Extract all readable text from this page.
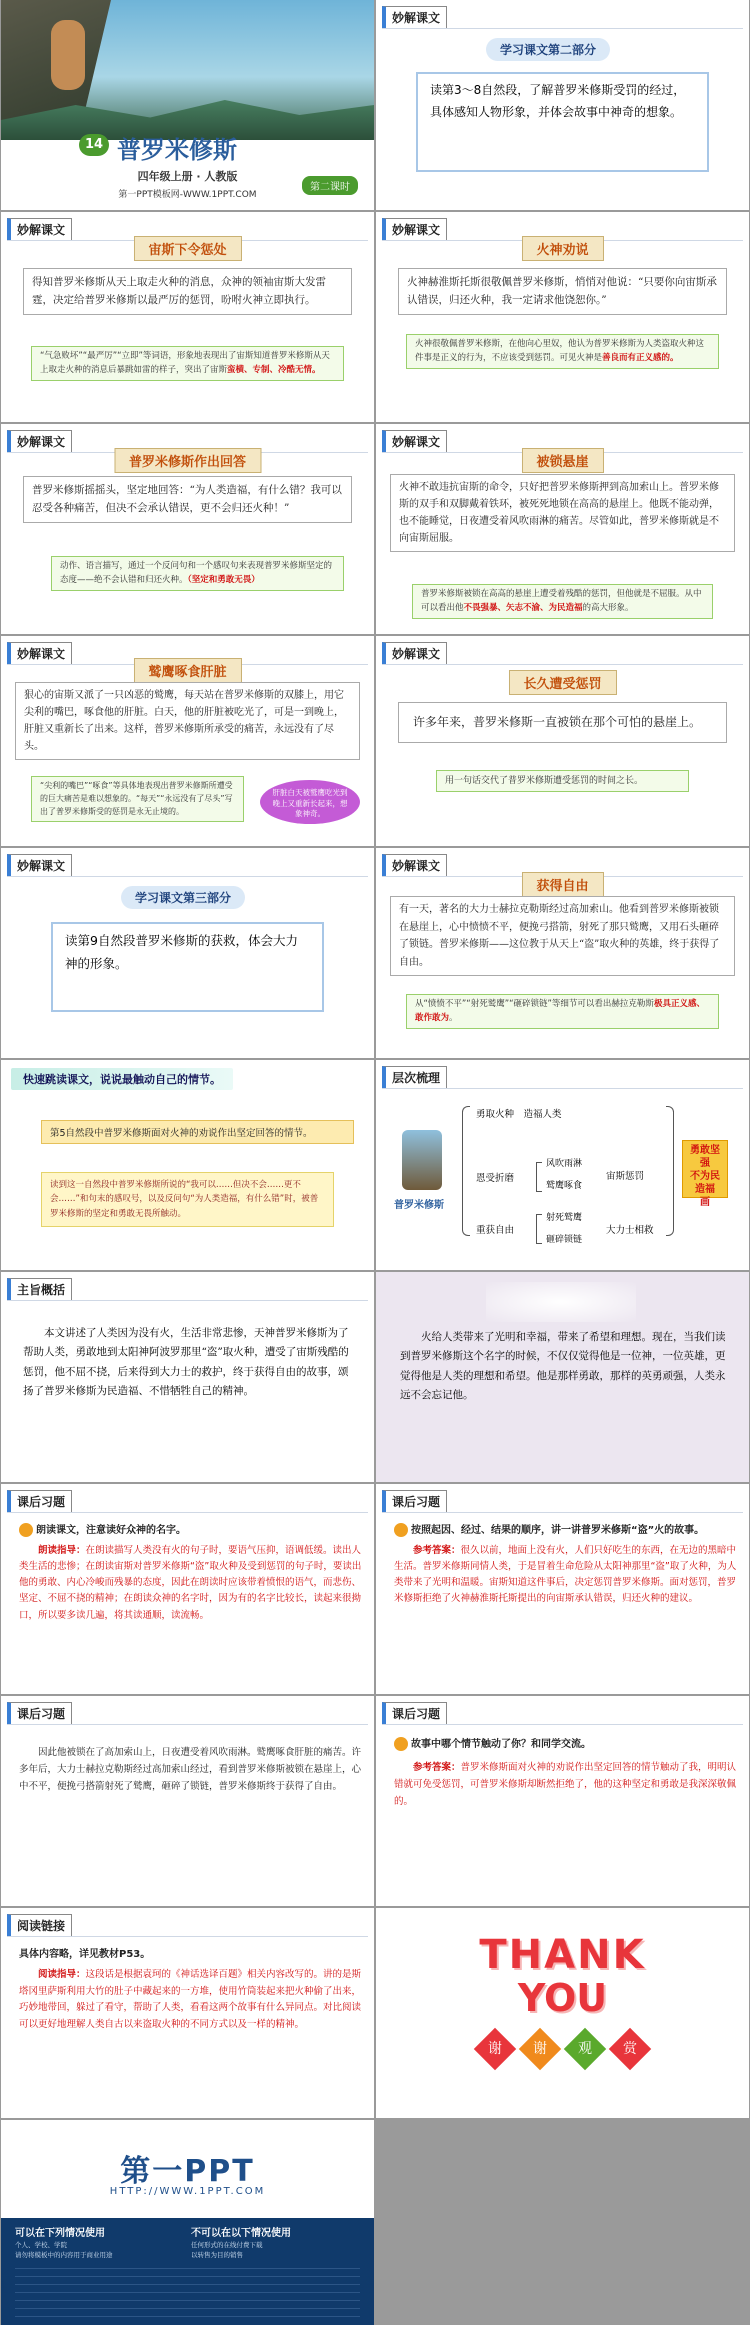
14 普罗米修斯
四年级上册 · 人教版
第一PPT模板网-WWW.1PPT.COM
第二课时
妙解课文
学习课文第二部分
读第3～8自然段，了解普罗米修斯受罚的经过，具体感知人物形象，并体会故事中神奇的想象。
妙解课文
宙斯下令惩处
得知普罗米修斯从天上取走火种的消息，众神的领袖宙斯大发雷霆，决定给普罗米修斯以最严厉的惩罚，吩咐火神立即执行。
“气急败坏”“最严厉”“立即”等词语，形象地表现出了宙斯知道普罗米修斯从天上取走火种的消息后暴跳如雷的样子，突出了宙斯蛮横、专制、冷酷无情。
妙解课文
火神劝说
火神赫淮斯托斯很敬佩普罗米修斯，悄悄对他说：“只要你向宙斯承认错误，归还火种，我一定请求他饶恕你。”
火神很敬佩普罗米修斯，在他向心里奴，他认为普罗米修斯为人类盗取火种这件事是正义的行为，不应该受到惩罚。可见火神是善良而有正义感的。
妙解课文
普罗米修斯作出回答
普罗米修斯摇摇头，坚定地回答：“为人类造福，有什么错？我可以忍受各种痛苦，但决不会承认错误，更不会归还火种！”
动作、语言描写，通过一个反问句和一个感叹句来表现普罗米修斯坚定的态度——绝不会认错和归还火种。（坚定和勇敢无畏）
妙解课文
被锁悬崖
火神不敢违抗宙斯的命令，只好把普罗米修斯押到高加索山上。普罗米修斯的双手和双脚戴着铁环，被死死地锁在高高的悬崖上。他既不能动弹，也不能睡觉，日夜遭受着风吹雨淋的痛苦。尽管如此，普罗米修斯就是不向宙斯屈服。
普罗米修斯被锁在高高的悬崖上遭受着残酷的惩罚，但他就是不屈服。从中可以看出他不畏强暴、矢志不渝、为民造福的高大形象。
妙解课文
鹫鹰啄食肝脏
狠心的宙斯又派了一只凶恶的鹫鹰，每天站在普罗米修斯的双膝上，用它尖利的嘴巴，啄食他的肝脏。白天，他的肝脏被吃光了，可是一到晚上，肝脏又重新长了出来。这样，普罗米修斯所承受的痛苦，永远没有了尽头。
“尖利的嘴巴”“啄食”等具体地表现出普罗米修斯所遭受的巨大痛苦是难以想象的。“每天”“永远没有了尽头”写出了普罗米修斯受的惩罚是永无止境的。
肝脏白天被鹫鹰吃光到晚上又重新长起来，想象神奇。
妙解课文
长久遭受惩罚
许多年来，普罗米修斯一直被锁在那个可怕的悬崖上。
用一句话交代了普罗米修斯遭受惩罚的时间之长。
妙解课文
学习课文第三部分
读第9自然段普罗米修斯的获救，体会大力神的形象。
妙解课文
获得自由
有一天，著名的大力士赫拉克勒斯经过高加索山。他看到普罗米修斯被锁在悬崖上，心中愤愤不平，便挽弓搭箭，射死了那只鹫鹰，又用石头砸碎了锁链。普罗米修斯——这位教于从天上“盗”取火种的英雄，终于获得了自由。
从“愤愤不平”“射死鹫鹰”“砸碎锁链”等细节可以看出赫拉克勒斯极具正义感、敢作敢为。
快速跳读课文，说说最触动自己的情节。
第5自然段中普罗米修斯面对火神的劝说作出坚定回答的情节。
读到这一自然段中普罗米修斯所说的“我可以……但决不会……更不会……”和句末的感叹号，以及反问句“为人类造福，有什么错”时，被普罗米修斯的坚定和勇敢无畏所触动。
层次梳理
普罗米修斯
勇取火种　造福人类
恩受折磨
风吹雨淋
鹫鹰啄食
宙斯惩罚
重获自由
射死鹫鹰
砸碎锁链
大力士相救
勇敢坚强
不为民造福
画
主旨概括
本文讲述了人类因为没有火，生活非常悲惨，天神普罗米修斯为了帮助人类，勇敢地到太阳神阿波罗那里“盗”取火种，遭受了宙斯残酷的惩罚，他不屈不挠，后来得到大力士的救护，终于获得自由的故事，颂扬了普罗米修斯为民造福、不惜牺牲自己的精神。
火给人类带来了光明和幸福，带来了希望和理想。现在，当我们读到普罗米修斯这个名字的时候，不仅仅觉得他是一位神，一位英雄，更觉得他是人类的理想和希望。他是那样勇敢，那样的英勇顽强，人类永远不会忘记他。
课后习题
朗读课文，注意读好众神的名字。
朗读指导：在朗读描写人类没有火的句子时，要语气压抑，语调低缓。读出人类生活的悲惨；在朗读宙斯对普罗米修斯“盗”取火种及受到惩罚的句子时，要读出他的勇敢、内心冷峻而残暴的态度，因此在朗读时应该带着愤恨的语气，而悲伤、坚定、不屈不挠的精神；在朗读众神的名字时，因为有的名字比较长，读起来很拗口，所以要多读几遍，将其读通顺，读流畅。
课后习题
按照起因、经过、结果的顺序，讲一讲普罗米修斯“盗”火的故事。
参考答案：很久以前，地面上没有火，人们只好吃生的东西，在无边的黑暗中生活。普罗米修斯同情人类，于是冒着生命危险从太阳神那里“盗”取了火种，为人类带来了光明和温暖。宙斯知道这件事后，决定惩罚普罗米修斯。面对惩罚，普罗米修斯拒绝了火神赫淮斯托斯提出的向宙斯承认错误，归还火种的建议。
课后习题
因此他被锁在了高加索山上，日夜遭受着风吹雨淋。鹫鹰啄食肝脏的痛苦。许多年后，大力士赫拉克勒斯经过高加索山经过，看到普罗米修斯被锁在悬崖上，心中不平，便挽弓搭箭射死了鹫鹰，砸碎了锁链，普罗米修斯终于获得了自由。
课后习题
故事中哪个情节触动了你？和同学交流。
参考答案：普罗米修斯面对火神的劝说作出坚定回答的情节触动了我，明明认错就可免受惩罚，可普罗米修斯却断然拒绝了，他的这种坚定和勇敢是我深深敬佩的。
阅读链接
具体内容略，详见教材P53。
阅读指导：这段话是根据袁珂的《神话选译百题》相关内容改写的。讲的是斯塔冈里萨斯利用大竹的肚子中藏起来的一方堆，使用竹筒装起来把火种偷了出来，巧妙地带回，躲过了看守，帮助了人类，看看这两个故事有什么异同点。对比阅读可以更好地理解人类自古以来盗取火种的不同方式以及一样的精神。
THANK
YOU
谢 谢 观 赏
第一PPT
HTTP://WWW.1PPT.COM
可以在下列情况使用
个人、学校、学院
请勿将模板中的内容用于商业用途
不可以在以下情况使用
任何形式的在线付费下载
以转售为目的销售
